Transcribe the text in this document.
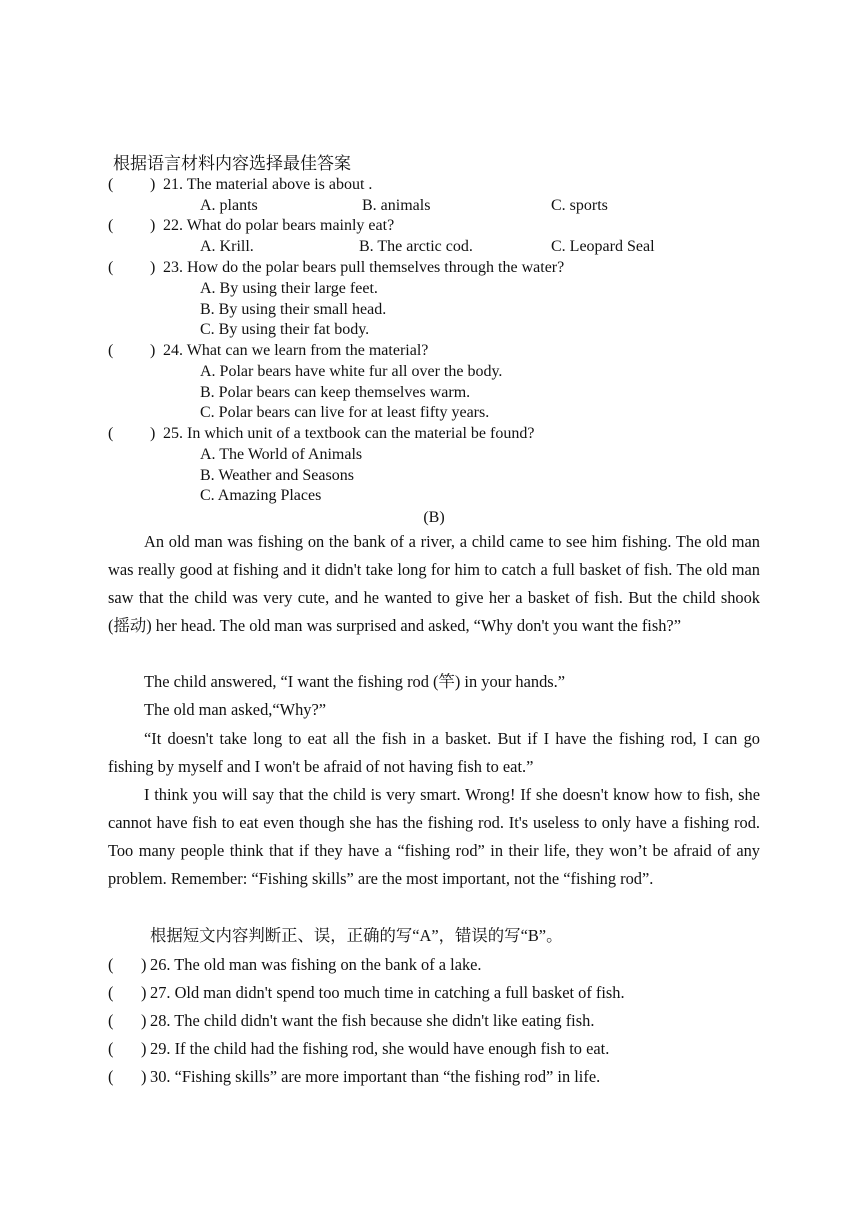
根据语言材料内容选择最佳答案
( ) 21. The material above is about .
A. plants	B. animals	C. sports
( ) 22. What do polar bears mainly eat?
A. Krill.	B. The arctic cod.	C. Leopard Seal
( ) 23. How do the polar bears pull themselves through the water?
A. By using their large feet.
B. By using their small head.
C. By using their fat body.
( ) 24. What can we learn from the material?
A. Polar bears have white fur all over the body.
B. Polar bears can keep themselves warm.
C. Polar bears can live for at least fifty years.
( ) 25. In which unit of a textbook can the material be found?
A. The World of Animals
B. Weather and Seasons
C. Amazing Places
(B)
An old man was fishing on the bank of a river, a child came to see him fishing. The old man was really good at fishing and it didn't take long for him to catch a full basket of fish. The old man saw that the child was very cute, and he wanted to give her a basket of fish. But the child shook (摇动) her head. The old man was surprised and asked, “Why don't you want the fish?”
The child answered, “I want the fishing rod (竿) in your hands.”
The old man asked,“Why?”
“It doesn't take long to eat all the fish in a basket. But if I have the fishing rod, I can go fishing by myself and I won't be afraid of not having fish to eat.”
I think you will say that the child is very smart. Wrong! If she doesn't know how to fish, she cannot have fish to eat even though she has the fishing rod. It's useless to only have a fishing rod. Too many people think that if they have a “fishing rod” in their life, they won’t be afraid of any problem. Remember: “Fishing skills” are the most important, not the “fishing rod”.
根据短文内容判断正、误，正确的写“A”，错误的写“B”。
( ) 26. The old man was fishing on the bank of a lake.
( ) 27. Old man didn't spend too much time in catching a full basket of fish.
( ) 28. The child didn't want the fish because she didn't like eating fish.
( ) 29. If the child had the fishing rod, she would have enough fish to eat.
( ) 30. “Fishing skills” are more important than “the fishing rod” in life.
